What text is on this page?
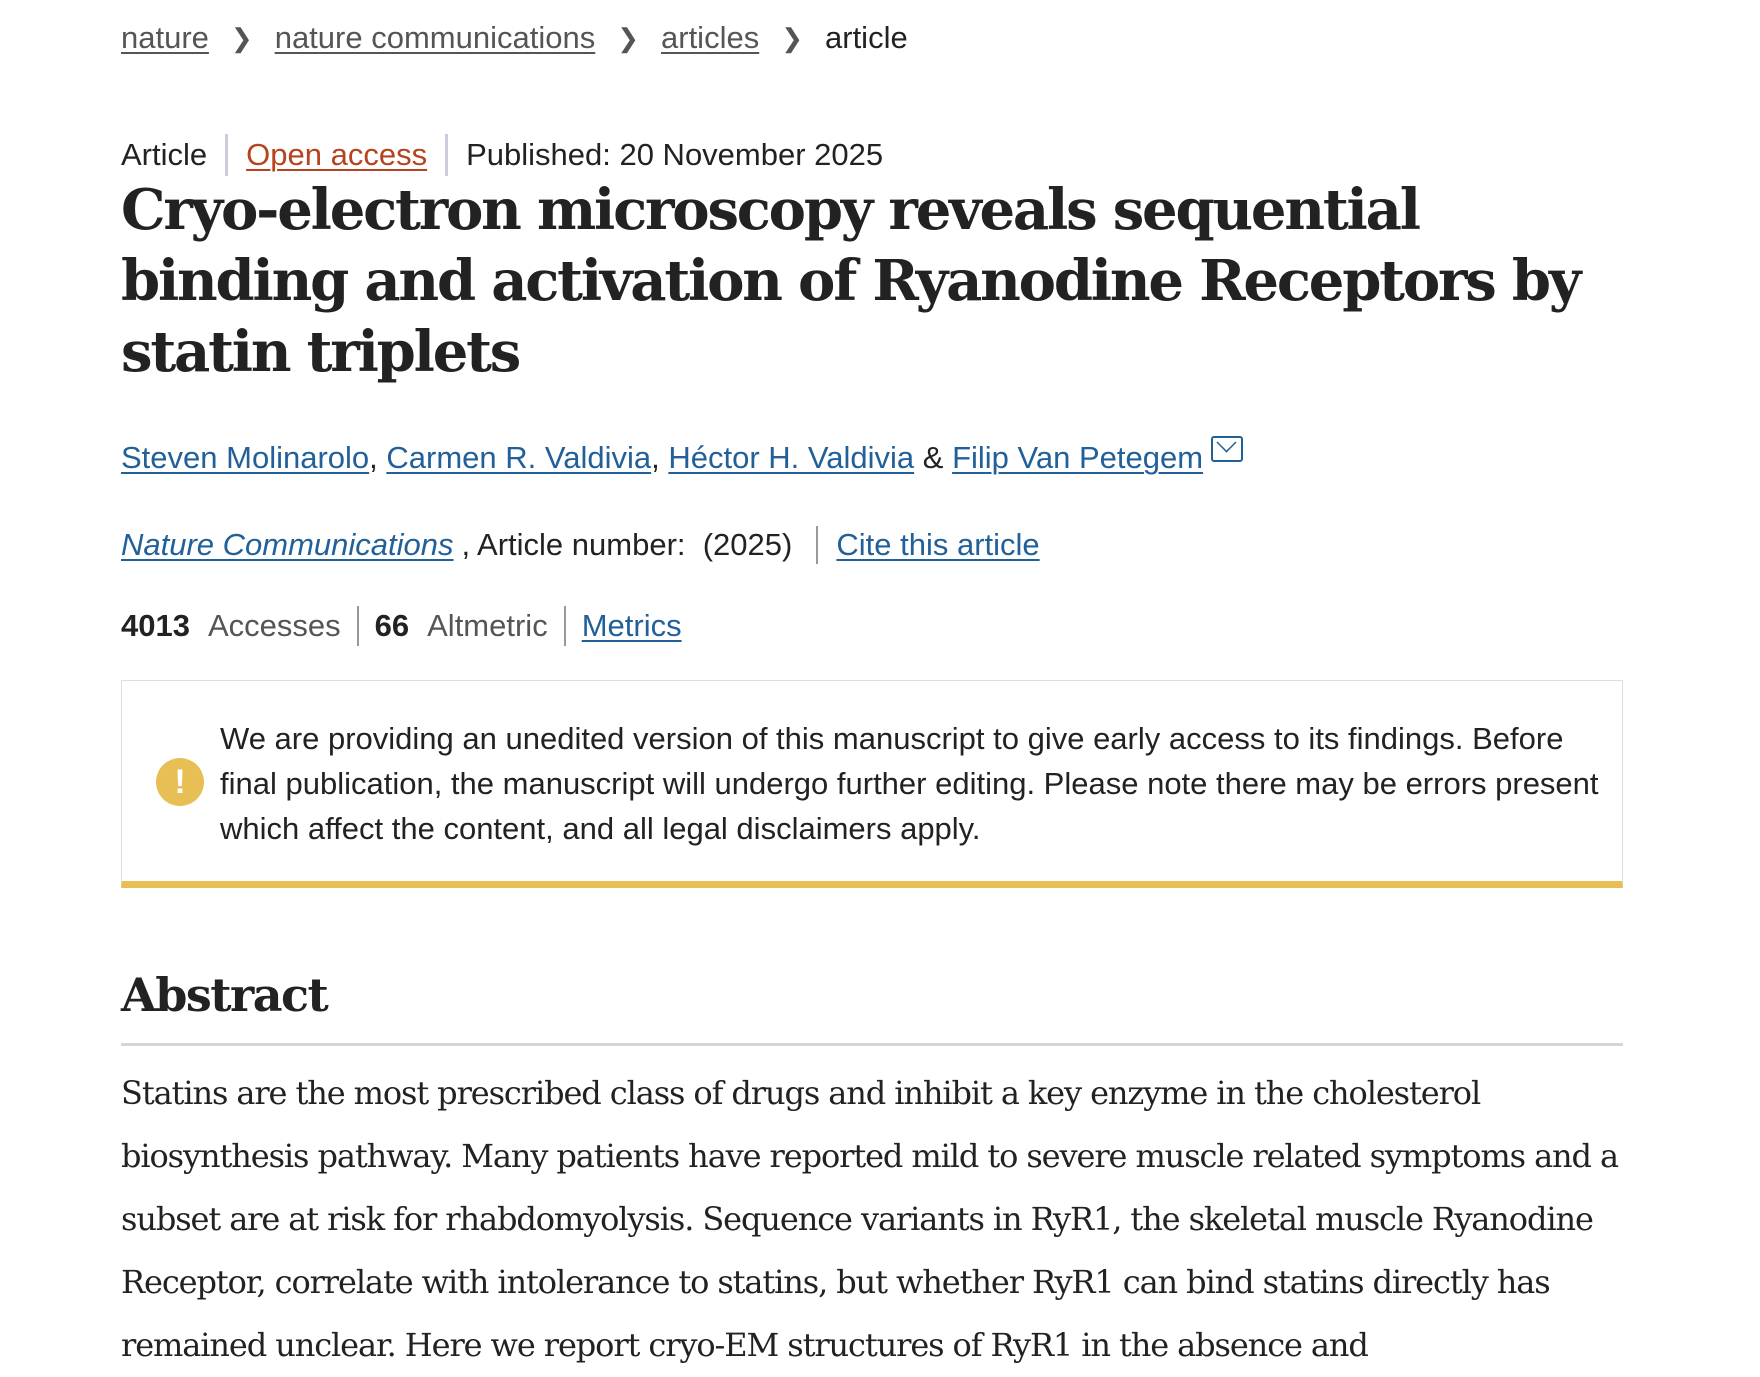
nature ❯ nature communications ❯ articles ❯ article
Article Open access Published: 20 November 2025
Cryo-electron microscopy reveals sequential binding and activation of Ryanodine Receptors by statin triplets
Steven Molinarolo, Carmen R. Valdivia, Héctor H. Valdivia & Filip Van Petegem
Nature Communications , Article number:  (2025) Cite this article
4013 Accesses 66 Altmetric Metrics
!

We are providing an unedited version of this manuscript to give early access to its findings. Before final publication, the manuscript will undergo further editing. Please note there may be errors present which affect the content, and all legal disclaimers apply.

Abstract

Statins are the most prescribed class of drugs and inhibit a key enzyme in the cholesterol biosynthesis pathway. Many patients have reported mild to severe muscle related symptoms and a subset are at risk for rhabdomyolysis. Sequence variants in RyR1, the skeletal muscle Ryanodine Receptor, correlate with intolerance to statins, but whether RyR1 can bind statins directly has remained unclear. Here we report cryo-EM structures of RyR1 in the absence and
